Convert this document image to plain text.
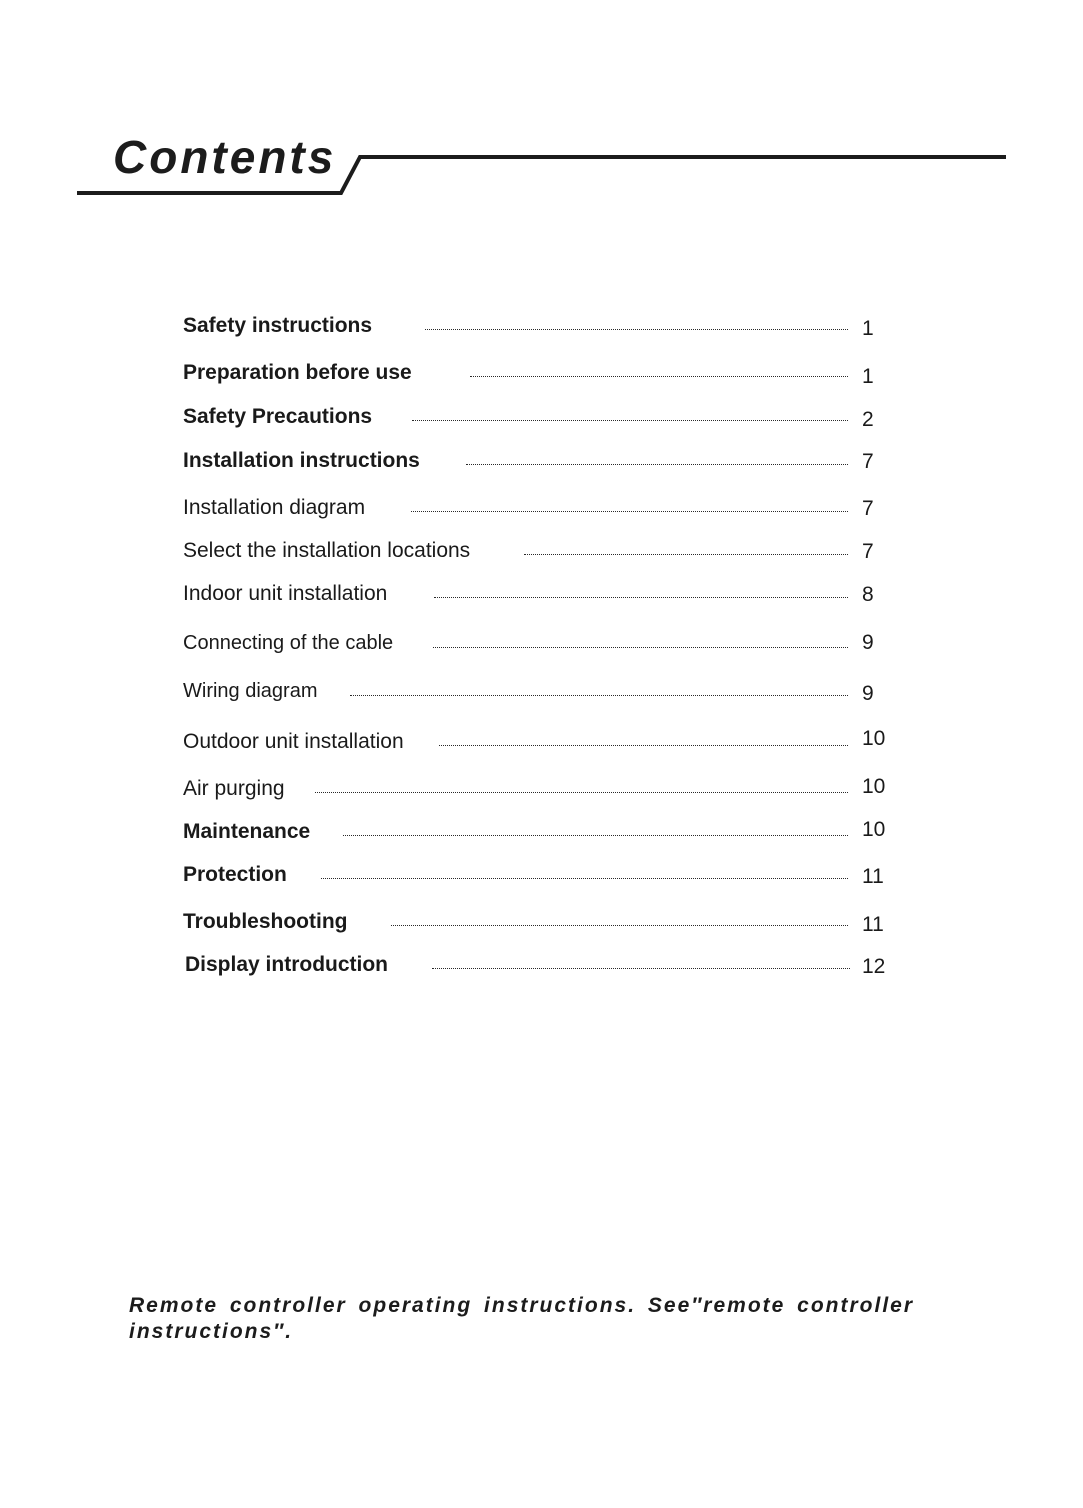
Contents
Safety instructions	1
Preparation before use	1
Safety Precautions	2
Installation instructions	7
Installation diagram	7
Select the installation locations	7
Indoor unit installation	8
Connecting of the cable	9
Wiring diagram	9
Outdoor unit installation	10
Air purging	10
Maintenance	10
Protection	11
Troubleshooting	11
Display introduction	12

Remote controller operating instructions. See″remote controller instructions″.
